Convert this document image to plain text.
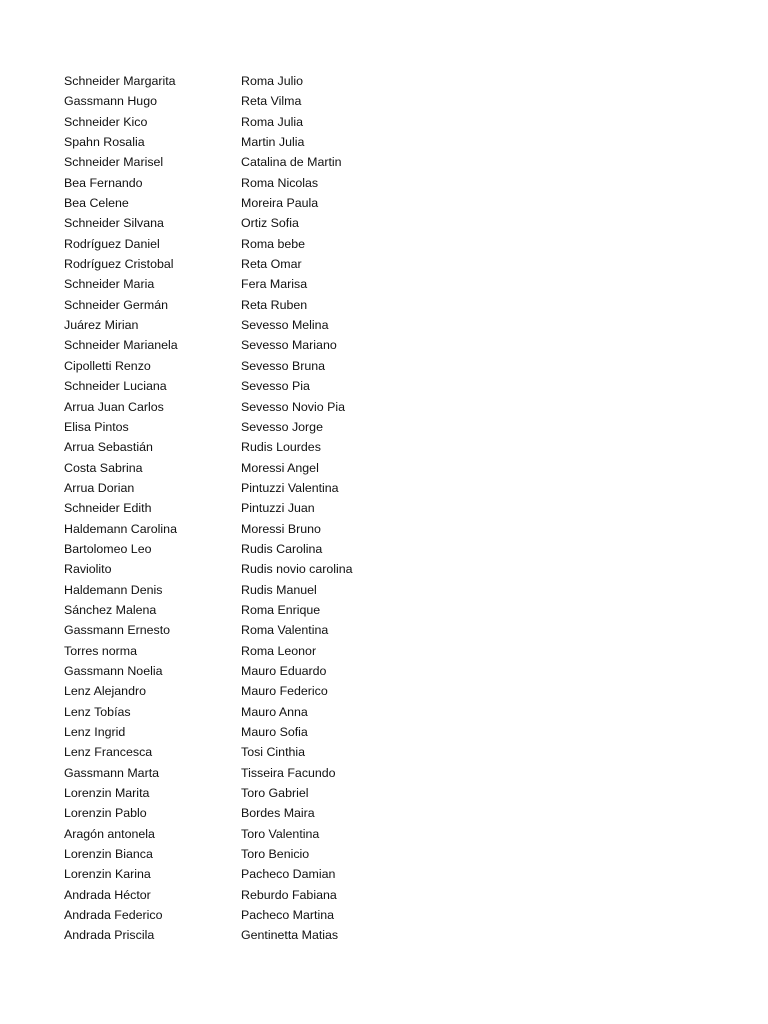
Schneider Margarita
Gassmann Hugo
Schneider Kico
Spahn Rosalia
Schneider Marisel
Bea Fernando
Bea Celene
Schneider Silvana
Rodríguez Daniel
Rodríguez Cristobal
Schneider Maria
Schneider Germán
Juárez Mirian
Schneider Marianela
Cipolletti Renzo
Schneider Luciana
Arrua Juan Carlos
Elisa Pintos
Arrua Sebastián
Costa Sabrina
Arrua Dorian
Schneider Edith
Haldemann Carolina
Bartolomeo Leo
Raviolito
Haldemann Denis
Sánchez Malena
Gassmann Ernesto
Torres norma
Gassmann Noelia
Lenz Alejandro
Lenz Tobías
Lenz Ingrid
Lenz Francesca
Gassmann Marta
Lorenzin Marita
Lorenzin Pablo
Aragón antonela
Lorenzin Bianca
Lorenzin Karina
Andrada Héctor
Andrada Federico
Andrada Priscila
Roma Julio
Reta Vilma
Roma Julia
Martin Julia
Catalina de Martin
Roma Nicolas
Moreira Paula
Ortiz Sofia
Roma bebe
Reta Omar
Fera Marisa
Reta Ruben
Sevesso Melina
Sevesso Mariano
Sevesso Bruna
Sevesso Pia
Sevesso Novio Pia
Sevesso Jorge
Rudis Lourdes
Moressi Angel
Pintuzzi Valentina
Pintuzzi Juan
Moressi Bruno
Rudis Carolina
Rudis novio carolina
Rudis Manuel
Roma Enrique
Roma Valentina
Roma Leonor
Mauro Eduardo
Mauro Federico
Mauro Anna
Mauro Sofia
Tosi Cinthia
Tisseira Facundo
Toro Gabriel
Bordes Maira
Toro Valentina
Toro Benicio
Pacheco Damian
Reburdo Fabiana
Pacheco Martina
Gentinetta Matias
